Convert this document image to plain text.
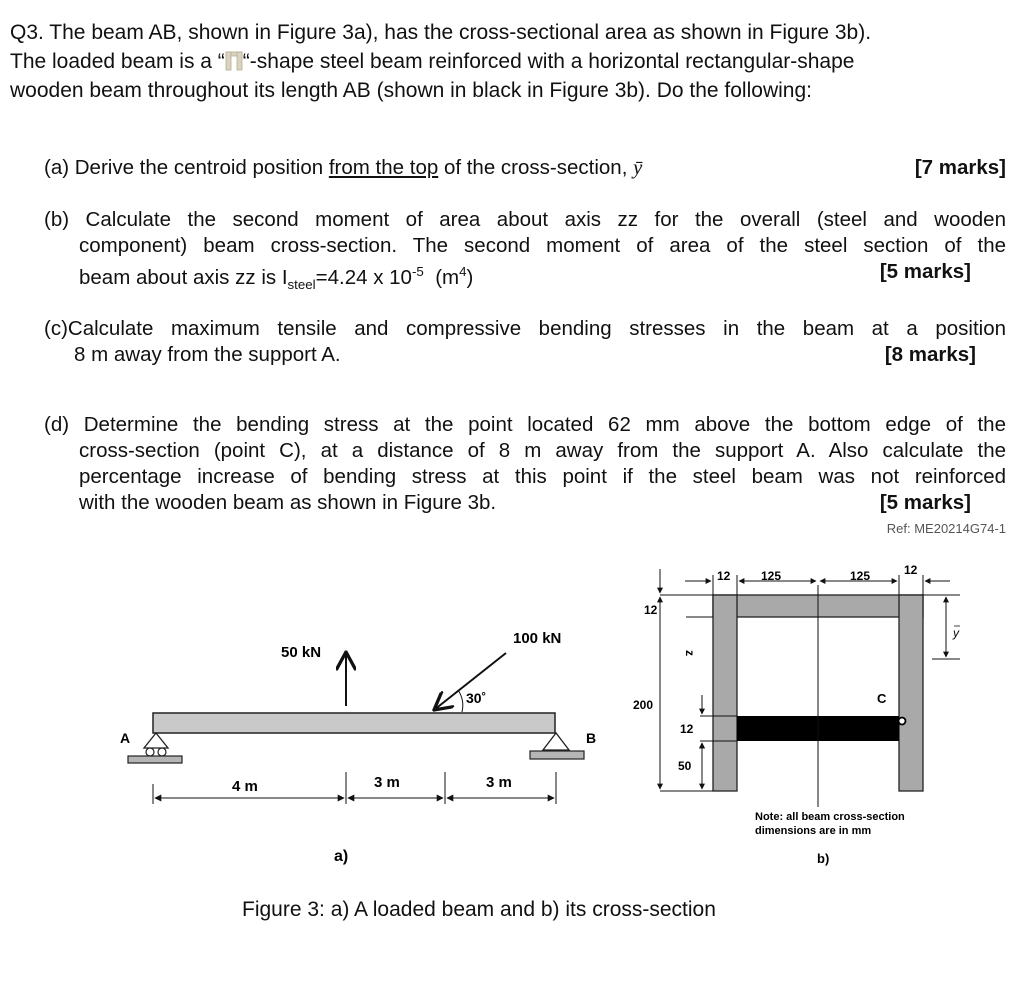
Q3. The beam AB, shown in Figure 3a), has the cross-sectional area as shown in Figure 3b).
The loaded beam is a “ “-shape steel beam reinforced with a horizontal rectangular-shape
wooden beam throughout its length AB (shown in black in Figure 3b). Do the following:
(a) Derive the centroid position from the top of the cross-section, ȳ	[7 marks]
(b) Calculate the second moment of area about axis zz for the overall (steel and wooden
component) beam cross-section. The second moment of area of the steel section of the
beam about axis zz is $I_{steel}=4.24$ x $10^{-5}$  $(m^4)$	[5 marks]
(c)Calculate maximum tensile and compressive bending stresses in the beam at a position
8 m away from the support A.	[8 marks]
(d) Determine the bending stress at the point located 62 mm above the bottom edge of the
cross-section (point C), at a distance of 8 m away from the support A. Also calculate the
percentage increase of bending stress at this point if the steel beam was not reinforced
with the wooden beam as shown in Figure 3b.	[5 marks]
Ref: ME20214G74-1
A	B
50 kN
100 kN
30˚
4 m	3 m	3 m
a)
C
12	125	125	12
12
200
z
12
50
y
Note: all beam cross-section
dimensions are in mm
b)
Figure 3: a) A loaded beam and b) its cross-section
